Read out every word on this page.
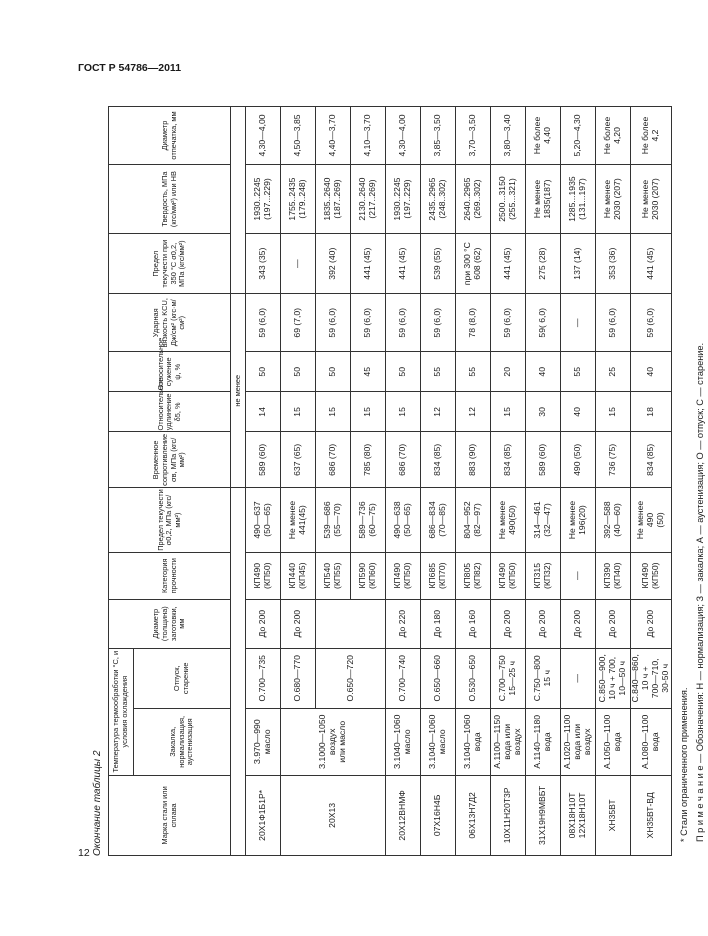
ГОСТ Р 54786—2011
12 Окончание таблицы 2	Марка стали или сплава	Температура термообработки °С, и условия охлаждения		Диаметр (толщина) заготовки, мм	Категория прочности	Предел текучести σ0,2, МПа (кгс/мм²)	Временное сопротивление σв, МПа (кгс/мм²)	Относительное удлинение δ5, %	Относительное сужение ψ, %	Ударная вязкость KCU, Дж/см² (кгс·м/см²)	Предел текучести при 350 °С σ0,2, МПа (кгс/мм²)	Твердость, МПа (кгс/мм²) или НВ	Диаметр отпечатка, мм
	Закалка, нормализация, аустенизация	Отпуск, старение										
						не менее						
20Х1Ф1Б1Р*	З.970—990
масло	О.700—735	До 200	КП490
(КП50)	490—637
(50—65)	589 (60)	14	50	59 (6,0)	343 (35)	1930..2245
(197...229)	4,30—4,00
20Х13	З.1000—1050
воздух
или масло	О.680—770	До 200	КП440
(КП45)	Не менее
441(45)	637 (65)	15	50	69 (7,0)	—	1755..2435
(179..248)	4,50—3,85
		О.650—720		КП540
(КП55)	539—686
(55—70)	686 (70)	15	50	59 (6,0)	392 (40)	1835..2640
(187..269)	4,40—3,70
				КП590
(КП60)	589—736
(60—75)	785 (80)	15	45	59 (6,0)	441 (45)	2130..2640
(217..269)	4,10—3,70
20Х12ВНМФ	З.1040—1060
масло	О.700—740	До 220	КП490
(КП50)	490—638
(50—65)	686 (70)	15	50	59 (6,0)	441 (45)	1930..2245
(197..229)	4,30—4,00
07Х16Н4Б	З.1040—1060
масло	О.650—660	До 180	КП685
(КП70)	686—834
(70—85)	834 (85)	12	55	59 (6,0)	539 (55)	2435..2965
(248..302)	3,85—3,50
06Х13Н7Д2	З.1040—1060
вода	О.530—650	До 160	КП805
(КП82)	804—952
(82—97)	883 (90)	12	55	78 (8,0)	при 300 °С
608 (62)	2640..2965
(269..302)	3,70—3,50
10Х11Н20Т3Р	А.1100—1150
вода или
воздух	С.700—750
15—25 ч	До 200	КП490
(КП50)	Не менее
490(50)	834 (85)	15	20	59 (6,0)	441 (45)	2500...3150
(255...321)	3,80—3,40
31Х19Н9МВБТ	А.1140—1180
вода	С.750—800
15 ч	До 200	КП315
(КП32)	314—461
(32—47)	589 (60)	30	40	59( 6,0)	275 (28)	Не менее
1835(187)	Не более
4,40
08Х18Н10Т
12Х18Н10Т	А.1020—1100
вода или
воздух	—	До 200	—	Не менее
196(20)	490 (50)	40	55	—	137 (14)	1285...1935
(131...197)	5,20—4,30
ХН35ВТ	А.1050—1100
вода	С.850—900,
10 ч + 700,
10—50 ч	До 200	КП390
(КП40)	392—588
(40—60)	736 (75)	15	25	59 (6,0)	353 (36)	Не менее
2030 (207)	Не более
4,20
ХН35ВТ-ВД	А.1080—1100
вода	С.840—860,
10 ч +
700—710,
30-50 ч	До 200	КП490
(КП50)	Не менее
490
(50)	834 (85)	18	40	59 (6,0)	441 (45)	Не менее
2030 (207)	Не более
4,2
* Стали ограниченного применения. П р и м е ч а н и е — Обозначения: Н — нормализация; З — закалка; А — аустенизация; О — отпуск; С — старение.
